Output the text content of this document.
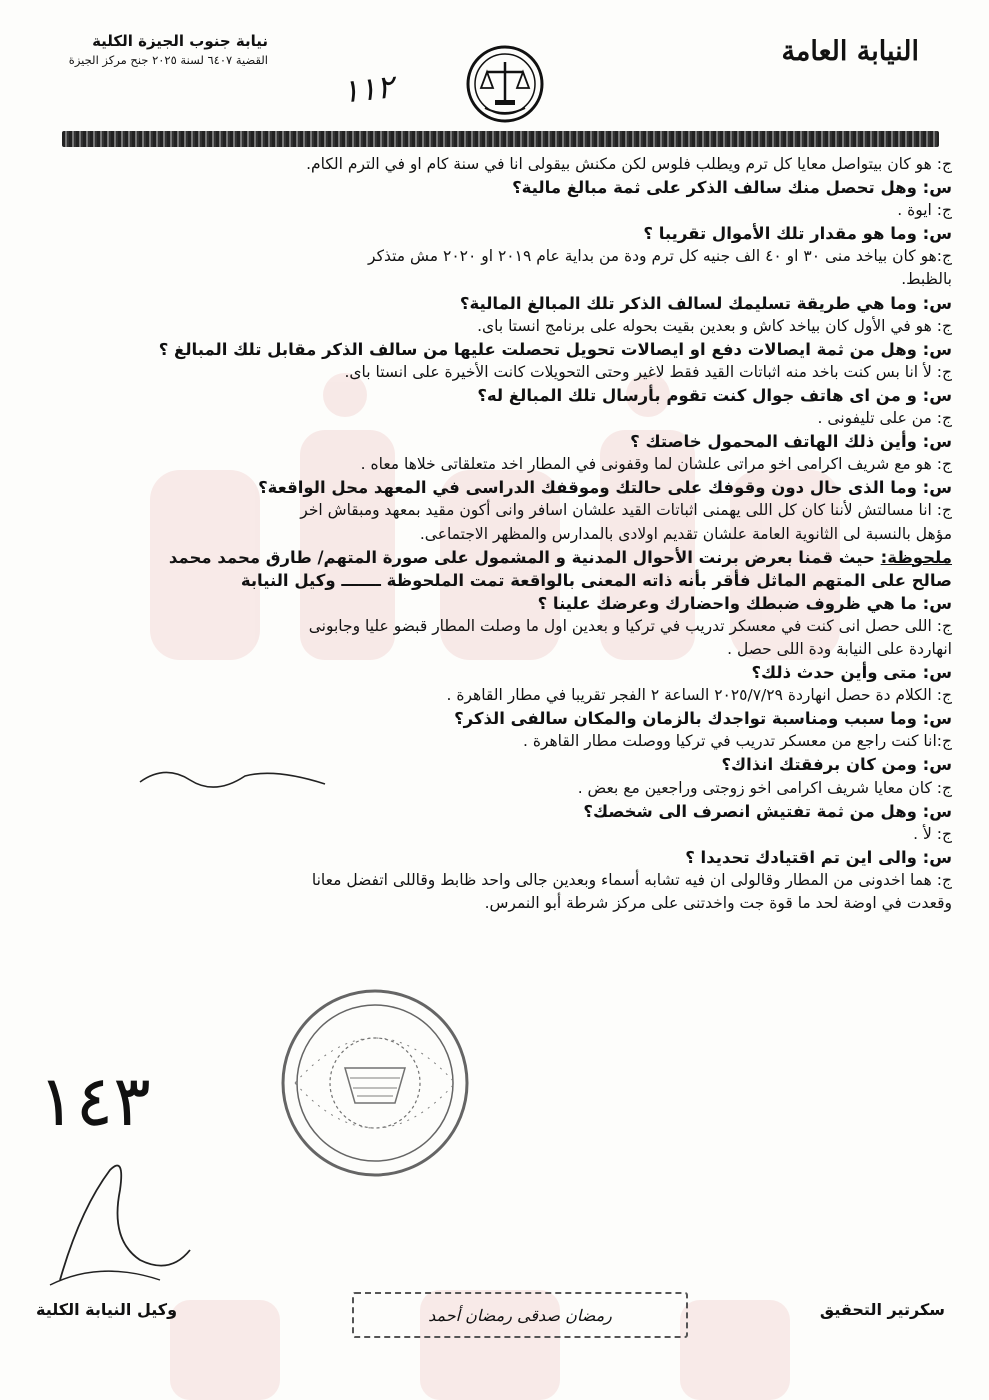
النيابة العامة
نيابة جنوب الجيزة الكلية
القضية ٦٤٠٧ لسنة ٢٠٢٥ جنح مركز الجيزة
١١٢
ج: هو كان بيتواصل معايا كل ترم ويطلب فلوس لكن مكنش بيقولى انا في سنة كام او في الترم الكام.
س: وهل تحصل منك سالف الذكر على ثمة مبالغ مالية؟
ج: ايوة .
س: وما هو مقدار تلك الأموال تقريبا ؟
ج:هو كان بياخد منى ٣٠ او ٤٠ الف جنيه كل ترم ودة من بداية عام ٢٠١٩ او ٢٠٢٠ مش متذكر
بالظبط.
س: وما هي طريقة تسليمك لسالف الذكر تلك المبالغ المالية؟
ج: هو في الأول كان بياخد كاش و بعدين بقيت بحوله على برنامج انستا باى.
س: وهل من ثمة ايصالات دفع او ايصالات تحويل تحصلت عليها من سالف الذكر مقابل تلك المبالغ ؟
ج: لأ انا بس كنت باخد منه اثباتات القيد فقط لاغير وحتى التحويلات كانت الأخيرة على انستا باى.
س: و من اى هاتف جوال كنت تقوم بأرسال تلك المبالغ له؟
ج: من على تليفونى .
س: وأين ذلك الهاتف المحمول خاصتك ؟
ج: هو مع شريف اكرامى اخو مراتى علشان لما وقفونى في المطار اخد متعلقاتى خلاها معاه .
س: وما الذى حال دون وقوفك على حالتك وموقفك الدراسى في المعهد محل الواقعة؟
ج: انا مسالتش لأننا كان كل اللى يهمنى اثباتات القيد علشان اسافر وانى أكون مقيد بمعهد ومبقاش اخر
مؤهل بالنسبة لى الثانوية العامة علشان تقديم اولادى بالمدارس والمظهر الاجتماعى.
ملحوظة: حيث قمنا بعرض برنت الأحوال المدنية و المشمول على صورة المتهم/ طارق محمد محمد
صالح على المتهم الماثل فأقر بأنه ذاته المعنى بالواقعة تمت الملحوظة ـــــــ وكيل النيابة
س: ما هي ظروف ضبطك واحضارك وعرضك علينا ؟
ج: اللى حصل انى كنت في معسكر تدريب في تركيا و بعدين اول ما وصلت المطار قبضو عليا وجابونى
انهاردة على النيابة ودة اللى حصل .
س: متى وأين حدث ذلك؟
ج: الكلام دة حصل انهاردة ٢٠٢٥/٧/٢٩ الساعة ٢ الفجر تقريبا في مطار القاهرة .
س: وما سبب ومناسبة تواجدك بالزمان والمكان سالفى الذكر؟
ج:انا كنت راجع من معسكر تدريب في تركيا ووصلت مطار القاهرة .
س: ومن كان برفقتك انذاك؟
ج: كان معايا شريف اكرامى اخو زوجتى وراجعين مع بعض .
س: وهل من ثمة تفتيش انصرف الى شخصك؟
ج: لأ .
س: والى اين تم اقتيادك تحديدا ؟
ج: هما اخدونى من المطار وقالولى ان فيه تشابه أسماء وبعدين جالى واحد ظابط وقاللى اتفضل معانا
وقعدت في اوضة لحد ما قوة جت واخدتنى على مركز شرطة أبو النمرس.
١٤٣
سكرتير التحقيق
رمضان صدقى رمضان أحمد
وكيل النيابة الكلية
